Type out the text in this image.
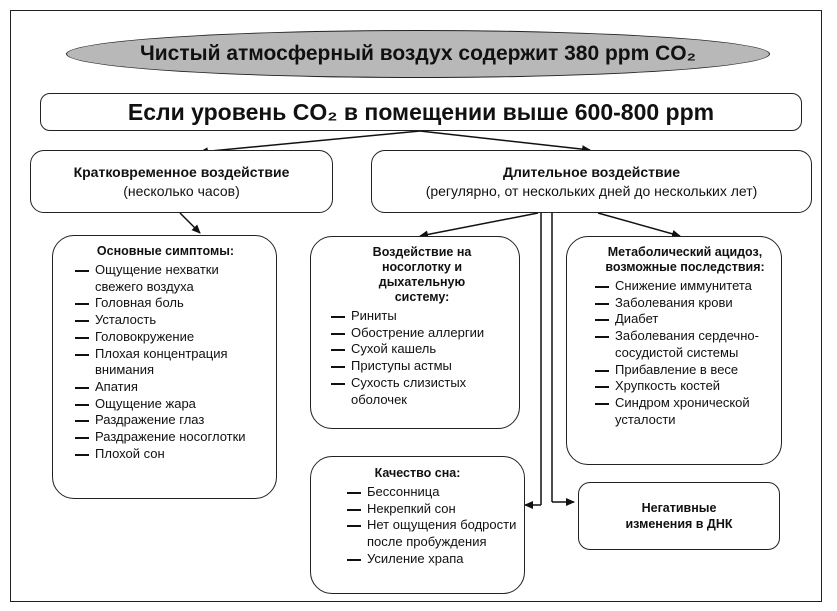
Чистый атмосферный воздух содержит 380 ppm CO₂
Если уровень CO₂ в помещении выше 600-800 ppm
Кратковременное воздействие
(несколько часов)
Длительное воздействие
(регулярно, от нескольких дней до нескольких лет)
Основные симптомы:
Ощущение нехватки свежего воздуха
Головная боль
Усталость
Головокружение
Плохая концентрация внимания
Апатия
Ощущение жара
Раздражение глаз
Раздражение носоглотки
Плохой сон
Воздействие на носоглотку и дыхательную систему:
Риниты
Обострение аллергии
Сухой кашель
Приступы астмы
Сухость слизистых оболочек
Метаболический ацидоз, возможные последствия:
Снижение иммунитета
Заболевания крови
Диабет
Заболевания сердечно-сосудистой системы
Прибавление в весе
Хрупкость костей
Синдром хронической усталости
Качество сна:
Бессонница
Некрепкий сон
Нет ощущения бодрости после пробуждения
Усиление храпа
Негативные изменения в ДНК
